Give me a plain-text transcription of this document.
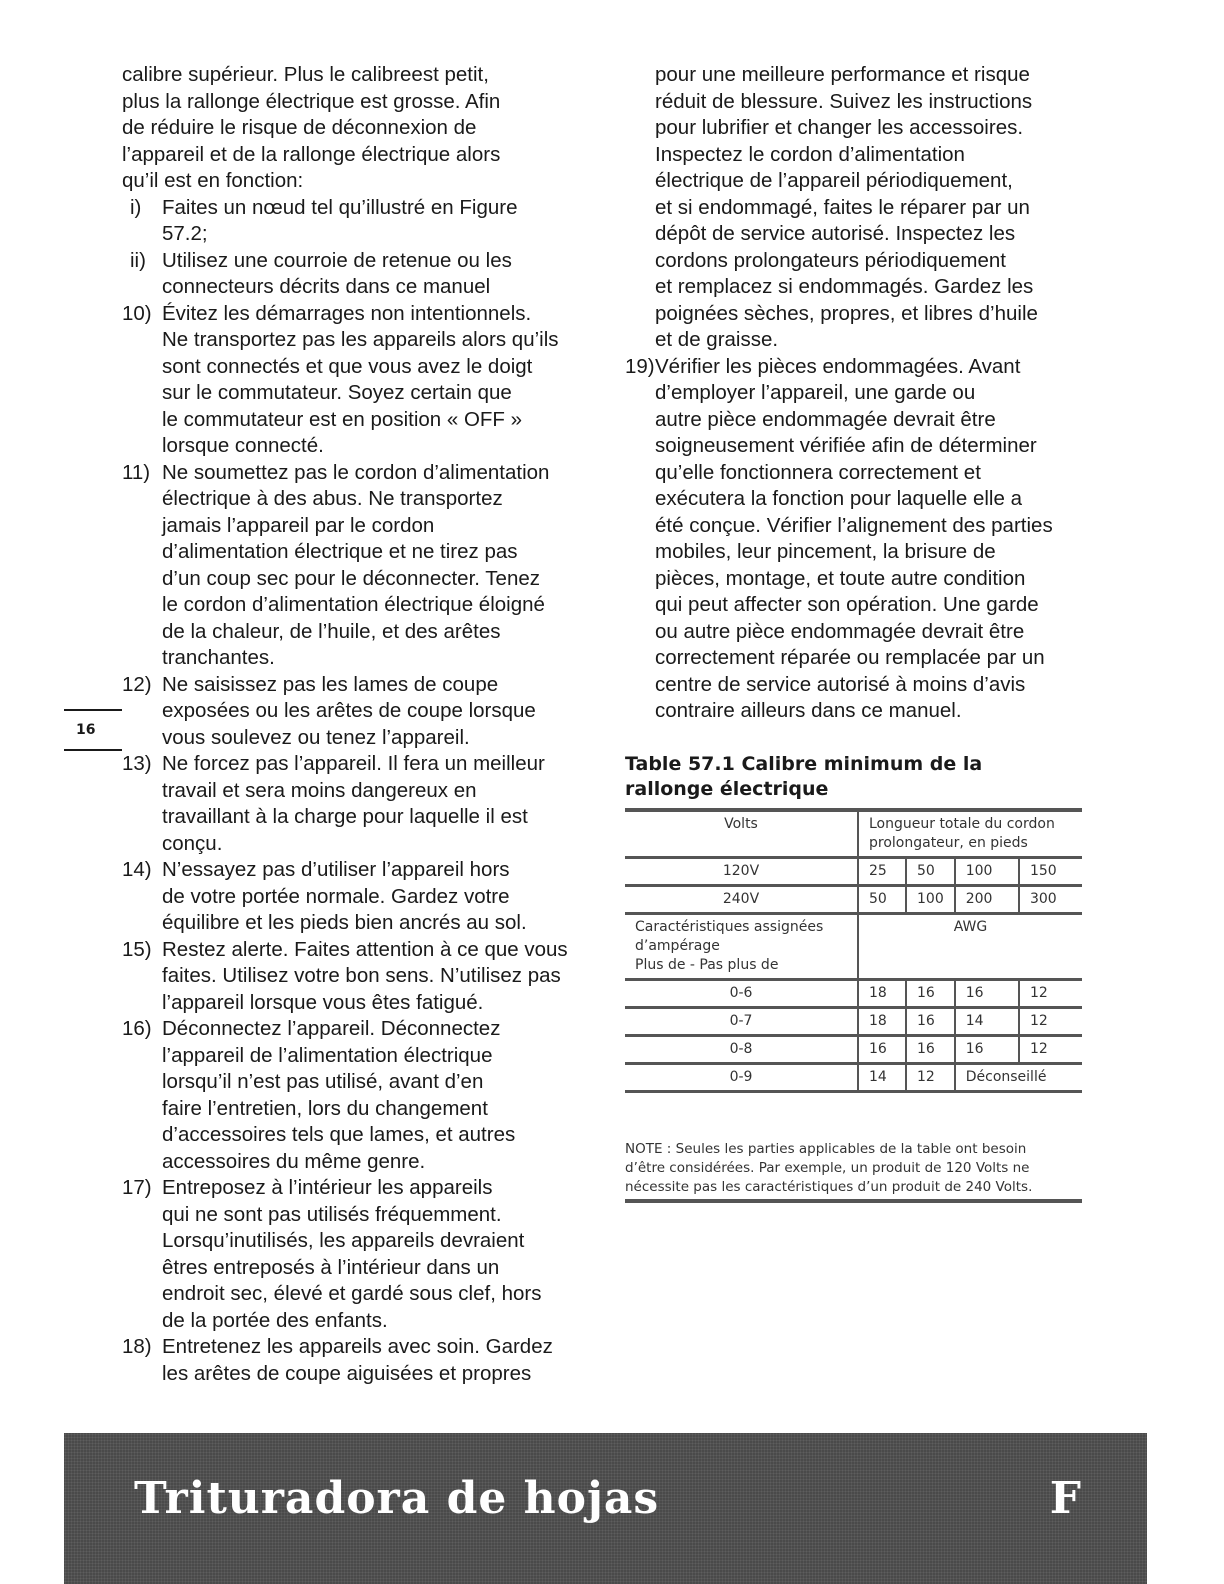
calibre supérieur. Plus le calibreest petit,

plus la rallonge électrique est grosse. Afin

de réduire le risque de déconnexion de

l’appareil et de la rallonge électrique alors

qu’il est en fonction:

i) Faites un nœud tel qu’illustré en Figure
57.2;
ii) Utilisez une courroie de retenue ou les
connecteurs décrits dans ce manuel
10) Évitez les démarrages non intentionnels.
Ne transportez pas les appareils alors qu’ils
sont connectés et que vous avez le doigt
sur le commutateur. Soyez certain que
le commutateur est en position « OFF »
lorsque connecté.
11) Ne soumettez pas le cordon d’alimentation
électrique à des abus. Ne transportez
jamais l’appareil par le cordon
d’alimentation électrique et ne tirez pas
d’un coup sec pour le déconnecter. Tenez
le cordon d’alimentation électrique éloigné
de la chaleur, de l’huile, et des arêtes
tranchantes.
12) Ne saisissez pas les lames de coupe
exposées ou les arêtes de coupe lorsque
vous soulevez ou tenez l’appareil.
13) Ne forcez pas l’appareil. Il fera un meilleur
travail et sera moins dangereux en
travaillant à la charge pour laquelle il est
conçu.
14) N’essayez pas d’utiliser l’appareil hors
de votre portée normale. Gardez votre
équilibre et les pieds bien ancrés au sol.
15) Restez alerte. Faites attention à ce que vous
faites. Utilisez votre bon sens. N’utilisez pas
l’appareil lorsque vous êtes fatigué.
16) Déconnectez l’appareil. Déconnectez
l’appareil de l’alimentation électrique
lorsqu’il n’est pas utilisé, avant d’en
faire l’entretien, lors du changement
d’accessoires tels que lames, et autres
accessoires du même genre.
17) Entreposez à l’intérieur les appareils
qui ne sont pas utilisés fréquemment.
Lorsqu’inutilisés, les appareils devraient
êtres entreposés à l’intérieur dans un
endroit sec, élevé et gardé sous clef, hors
de la portée des enfants.
18) Entretenez les appareils avec soin. Gardez
les arêtes de coupe aiguisées et propres

pour une meilleure performance et risque

réduit de blessure. Suivez les instructions

pour lubrifier et changer les accessoires.

Inspectez le cordon d’alimentation

électrique de l’appareil périodiquement,

et si endommagé, faites le réparer par un

dépôt de service autorisé. Inspectez les

cordons prolongateurs périodiquement

et remplacez si endommagés. Gardez les

poignées sèches, propres, et libres d’huile

et de graisse.

19) Vérifier les pièces endommagées. Avant
d’employer l’appareil, une garde ou
autre pièce endommagée devrait être
soigneusement vérifiée afin de déterminer
qu’elle fonctionnera correctement et
exécutera la fonction pour laquelle elle a
été conçue. Vérifier l’alignement des parties
mobiles, leur pincement, la brisure de
pièces, montage, et toute autre condition
qui peut affecter son opération. Une garde
ou autre pièce endommagée devrait être
correctement réparée ou remplacée par un
centre de service autorisé à moins d’avis
contraire ailleurs dans ce manuel.
16
Table 57.1 Calibre minimum de la
rallonge électrique
Volts	Longueur totale du cordon
prolongateur, en pieds			

120V	25	50	100	150
240V	50	100	200	300

Caractéristiques assignées
d’ampérage
Plus de - Pas plus de	AWG			
0-6	18	16	16	12
0-7	18	16	14	12
0-8	16	16	16	12
0-9	14	12	Déconseillé	
NOTE : Seules les parties applicables de la table ont besoin
d’être considérées. Par exemple, un produit de 120 Volts ne
nécessite pas les caractéristiques d’un produit de 240 Volts.
Trituradora de hojas	F
